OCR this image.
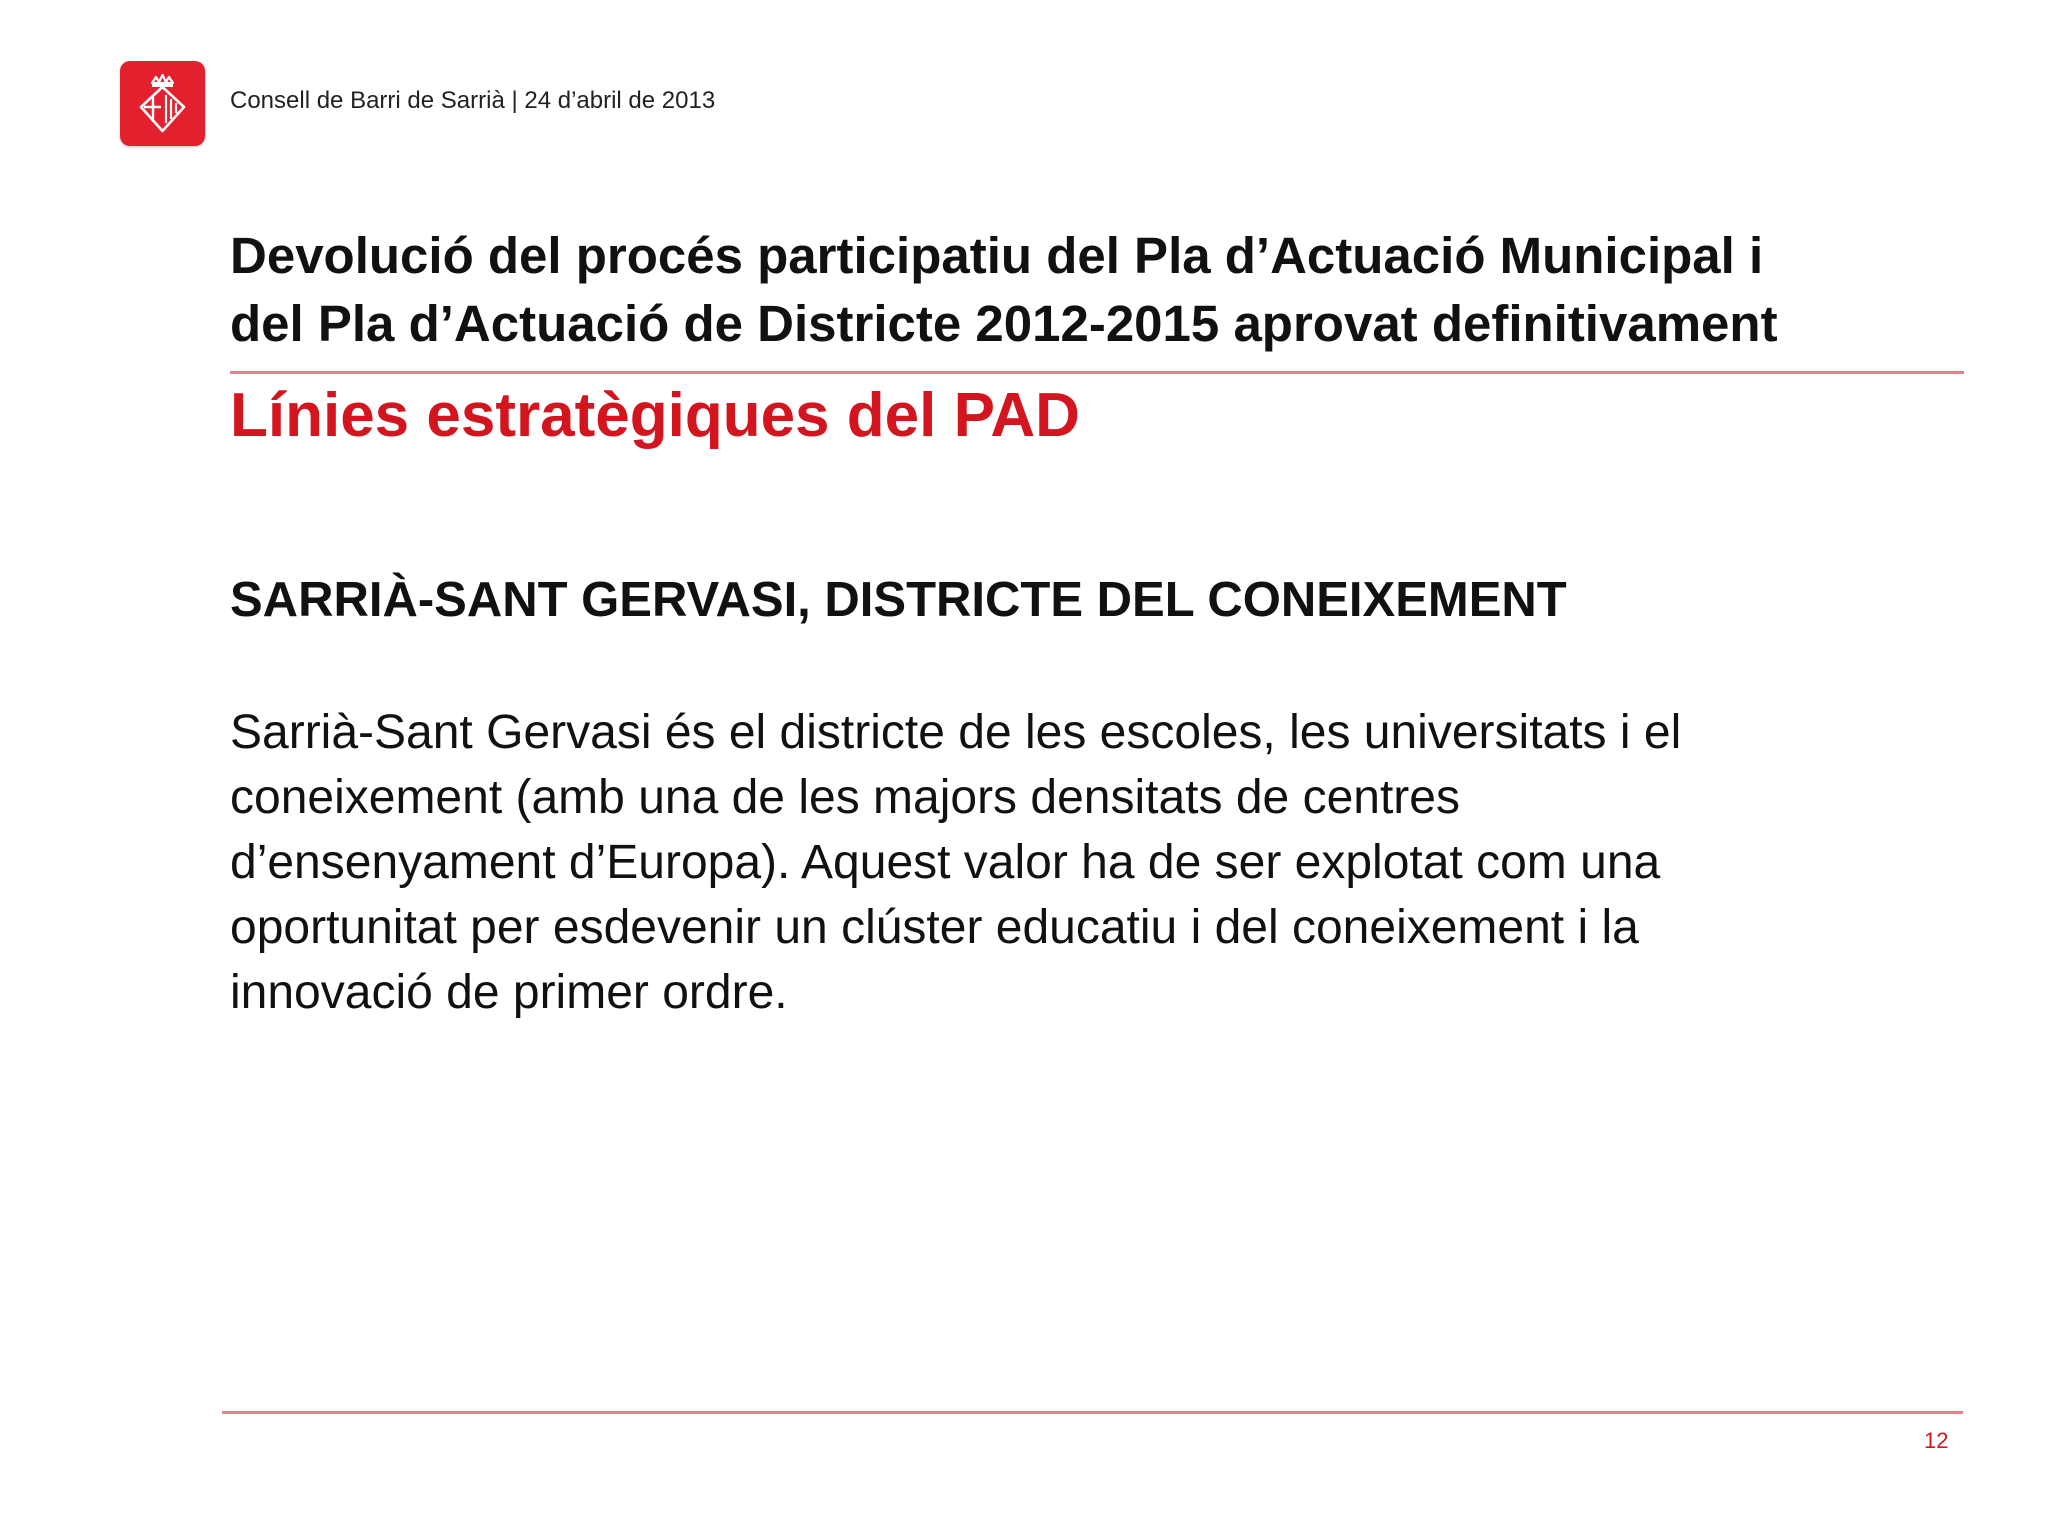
Consell de Barri de Sarrià | 24 d’abril de 2013
Devolució del procés participatiu del Pla d’Actuació Municipal i
del Pla d’Actuació de Districte 2012-2015 aprovat definitivament
Línies estratègiques del PAD
SARRIÀ-SANT GERVASI, DISTRICTE DEL CONEIXEMENT
Sarrià-Sant Gervasi és el districte de les escoles, les universitats i el
coneixement (amb una de les majors densitats de centres
d’ensenyament d’Europa). Aquest valor ha de ser explotat com una
oportunitat per esdevenir un clúster educatiu i del coneixement i la
innovació de primer ordre.
12
